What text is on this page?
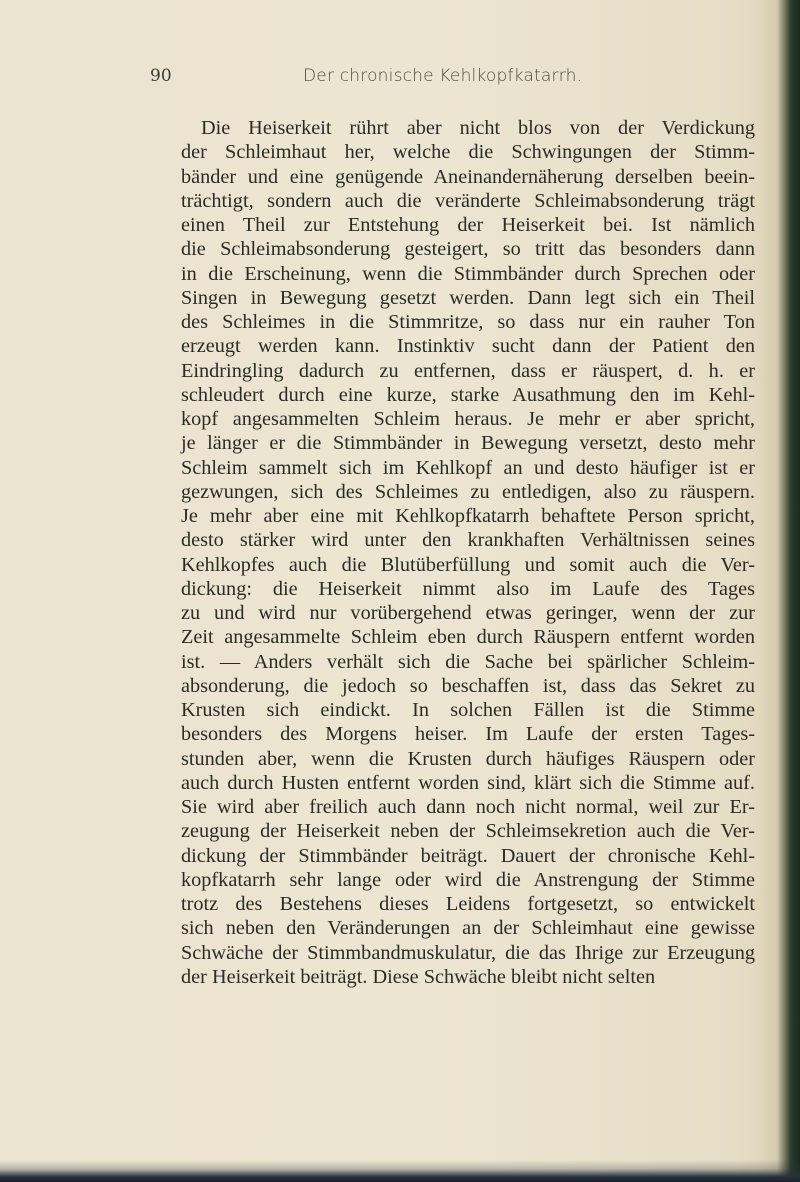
90	Der chronische Kehlkopfkatarrh.
Die Heiserkeit rührt aber nicht blos von der Verdickung
der Schleimhaut her, welche die Schwingungen der Stimm-
bänder und eine genügende Aneinandernäherung derselben beein-
trächtigt, sondern auch die veränderte Schleimabsonderung trägt
einen Theil zur Entstehung der Heiserkeit bei. Ist nämlich
die Schleimabsonderung gesteigert, so tritt das besonders dann
in die Erscheinung, wenn die Stimmbänder durch Sprechen oder
Singen in Bewegung gesetzt werden. Dann legt sich ein Theil
des Schleimes in die Stimmritze, so dass nur ein rauher Ton
erzeugt werden kann. Instinktiv sucht dann der Patient den
Eindringling dadurch zu entfernen, dass er räuspert, d. h. er
schleudert durch eine kurze, starke Ausathmung den im Kehl-
kopf angesammelten Schleim heraus. Je mehr er aber spricht,
je länger er die Stimmbänder in Bewegung versetzt, desto mehr
Schleim sammelt sich im Kehlkopf an und desto häufiger ist er
gezwungen, sich des Schleimes zu entledigen, also zu räuspern.
Je mehr aber eine mit Kehlkopfkatarrh behaftete Person spricht,
desto stärker wird unter den krankhaften Verhältnissen seines
Kehlkopfes auch die Blutüberfüllung und somit auch die Ver-
dickung: die Heiserkeit nimmt also im Laufe des Tages
zu und wird nur vorübergehend etwas geringer, wenn der zur
Zeit angesammelte Schleim eben durch Räuspern entfernt worden
ist. — Anders verhält sich die Sache bei spärlicher Schleim-
absonderung, die jedoch so beschaffen ist, dass das Sekret zu
Krusten sich eindickt. In solchen Fällen ist die Stimme
besonders des Morgens heiser. Im Laufe der ersten Tages-
stunden aber, wenn die Krusten durch häufiges Räuspern oder
auch durch Husten entfernt worden sind, klärt sich die Stimme auf.
Sie wird aber freilich auch dann noch nicht normal, weil zur Er-
zeugung der Heiserkeit neben der Schleimsekretion auch die Ver-
dickung der Stimmbänder beiträgt. Dauert der chronische Kehl-
kopfkatarrh sehr lange oder wird die Anstrengung der Stimme
trotz des Bestehens dieses Leidens fortgesetzt, so entwickelt
sich neben den Veränderungen an der Schleimhaut eine gewisse
Schwäche der Stimmbandmuskulatur, die das Ihrige zur Erzeugung
der Heiserkeit beiträgt. Diese Schwäche bleibt nicht selten
